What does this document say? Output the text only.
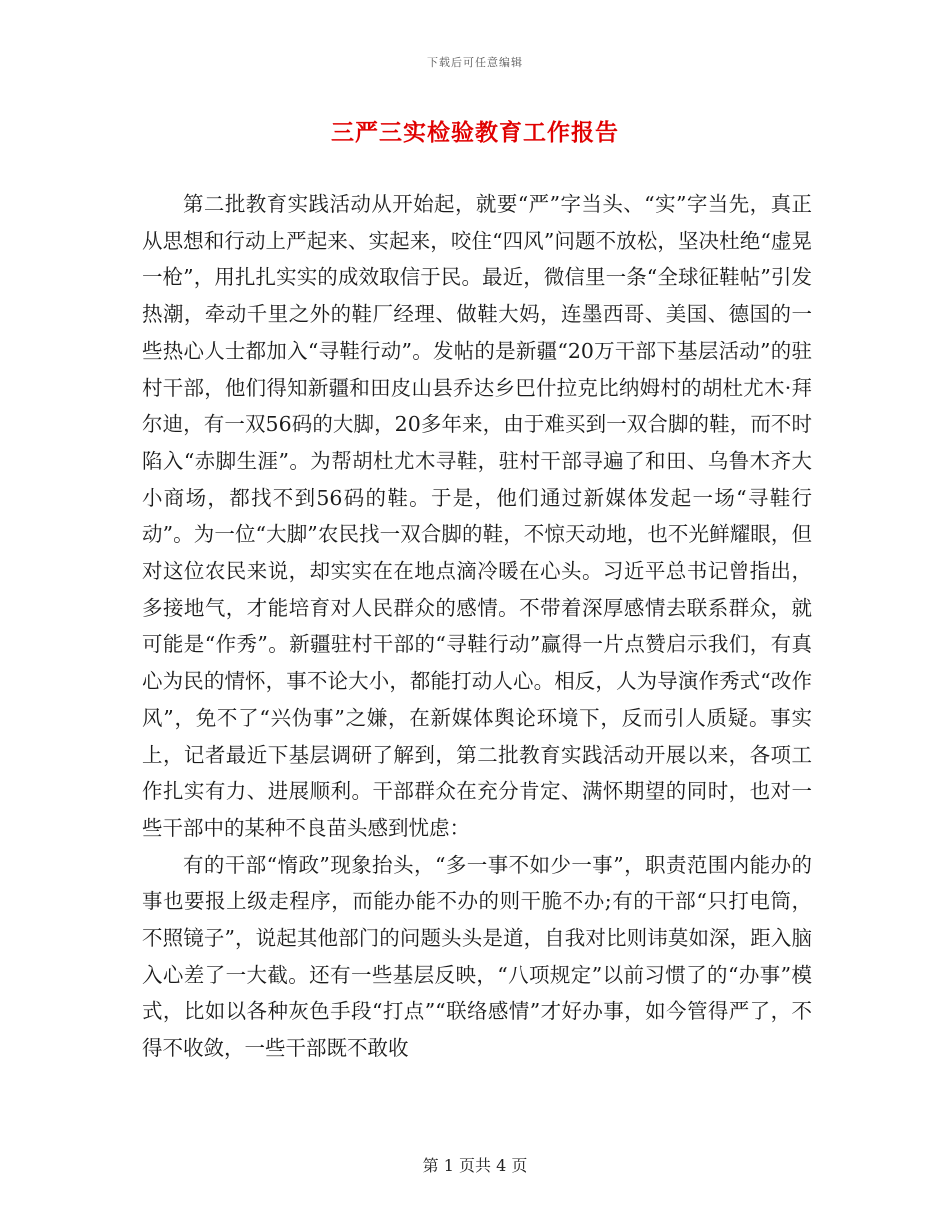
下载后可任意编辑
三严三实检验教育工作报告

第二批教育实践活动从开始起，就要“严”字当头、“实”字当先，真正从思想和行动上严起来、实起来，咬住“四风”问题不放松，坚决杜绝“虚晃一枪”，用扎扎实实的成效取信于民。最近，微信里一条“全球征鞋帖”引发热潮，牵动千里之外的鞋厂经理、做鞋大妈，连墨西哥、美国、德国的一些热心人士都加入“寻鞋行动”。发帖的是新疆“20万干部下基层活动”的驻村干部，他们得知新疆和田皮山县乔达乡巴什拉克比纳姆村的胡杜尤木·拜尔迪，有一双56码的大脚，20多年来，由于难买到一双合脚的鞋，而不时陷入“赤脚生涯”。为帮胡杜尤木寻鞋，驻村干部寻遍了和田、乌鲁木齐大小商场，都找不到56码的鞋。于是，他们通过新媒体发起一场“寻鞋行动”。为一位“大脚”农民找一双合脚的鞋，不惊天动地，也不光鲜耀眼，但对这位农民来说，却实实在在地点滴冷暖在心头。习近平总书记曾指出，多接地气，才能培育对人民群众的感情。不带着深厚感情去联系群众，就可能是“作秀”。新疆驻村干部的“寻鞋行动”赢得一片点赞启示我们，有真心为民的情怀，事不论大小，都能打动人心。相反，人为导演作秀式“改作风”，免不了“兴伪事”之嫌，在新媒体舆论环境下，反而引人质疑。事实上，记者最近下基层调研了解到，第二批教育实践活动开展以来，各项工作扎实有力、进展顺利。干部群众在充分肯定、满怀期望的同时，也对一些干部中的某种不良苗头感到忧虑：

有的干部“惰政”现象抬头，“多一事不如少一事”，职责范围内能办的事也要报上级走程序，而能办能不办的则干脆不办;有的干部“只打电筒，不照镜子”，说起其他部门的问题头头是道，自我对比则讳莫如深，距入脑入心差了一大截。还有一些基层反映，“八项规定”以前习惯了的“办事”模式，比如以各种灰色手段“打点”“联络感情”才好办事，如今管得严了，不得不收敛，一些干部既不敢收

第 1 页共 4 页
